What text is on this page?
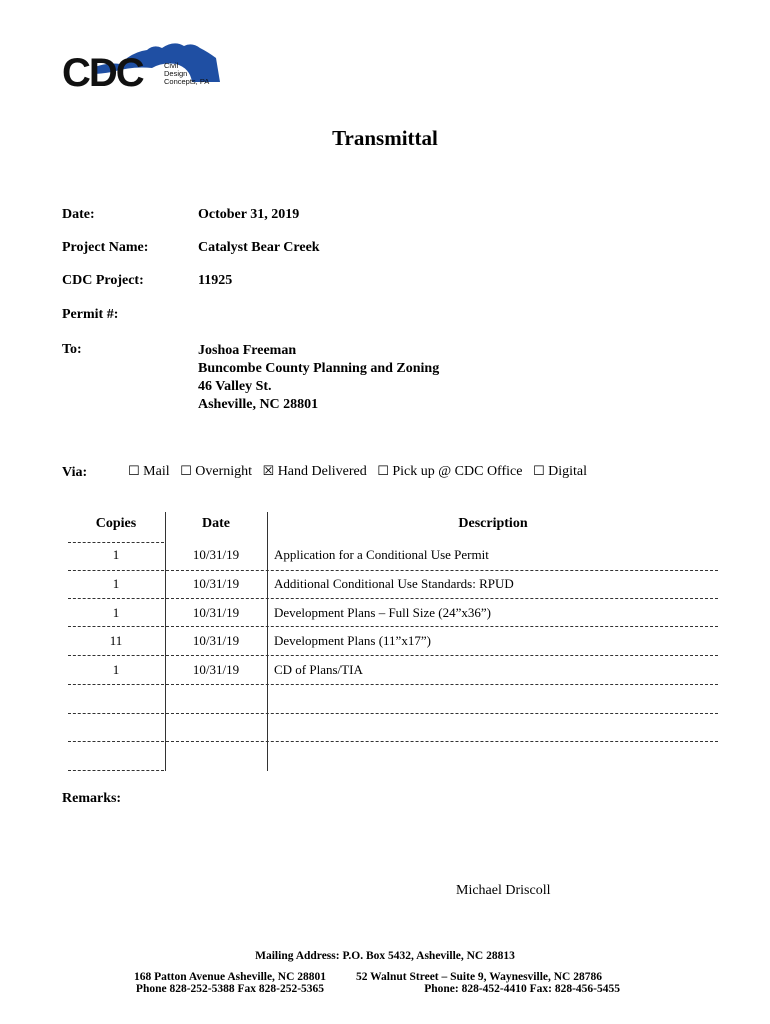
CDC	Civil
Design
Concepts, PA
Transmittal
Date:	October 31, 2019
Project Name:	Catalyst Bear Creek
CDC Project:	11925
Permit #:
To:	Joshoa Freeman
Buncombe County Planning and Zoning
46 Valley St.
Asheville, NC 28801
Via:	☐ Mail ☐ Overnight ☒ Hand Delivered ☐ Pick up @ CDC Office ☐ Digital
Copies	Date	Description
1	10/31/19	Application for a Conditional Use Permit
1	10/31/19	Additional Conditional Use Standards: RPUD
1	10/31/19	Development Plans – Full Size (24”x36”)
11	10/31/19	Development Plans (11”x17”)
1	10/31/19	CD of Plans/TIA
Remarks:
Michael Driscoll
Mailing Address: P.O. Box 5432, Asheville, NC 28813
168 Patton Avenue Asheville, NC 28801
Phone 828-252-5388 Fax 828-252-5365
52 Walnut Street – Suite 9, Waynesville, NC 28786
Phone: 828-452-4410 Fax: 828-456-5455
